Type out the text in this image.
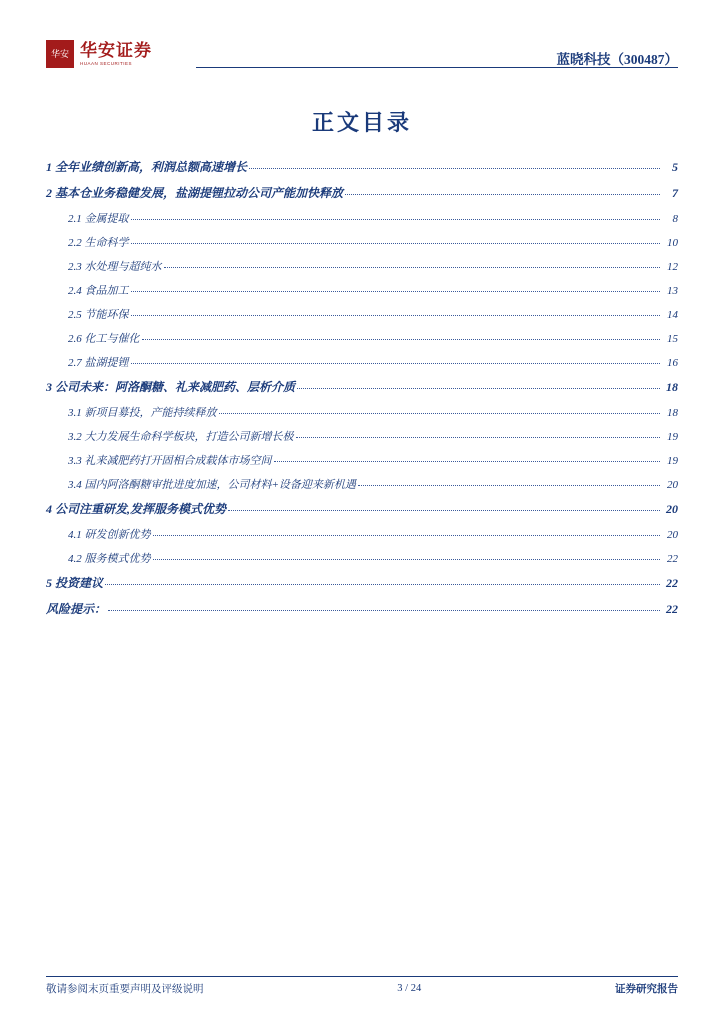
华安 华安证券
HUAAN SECURITIES	蓝晓科技（300487）
正文目录
1 全年业绩创新高，利润总额高速增长	5
2 基本仓业务稳健发展，盐湖提锂拉动公司产能加快释放	7
2.1 金属提取	8
2.2 生命科学	10
2.3 水处理与超纯水	12
2.4 食品加工	13
2.5 节能环保	14
2.6 化工与催化	15
2.7 盐湖提锂	16
3 公司未来：阿洛酮糖、礼来减肥药、层析介质	18
3.1 新项目募投，产能持续释放	18
3.2 大力发展生命科学板块，打造公司新增长极	19
3.3 礼来减肥药打开固相合成载体市场空间	19
3.4 国内阿洛酮糖审批进度加速，公司材料+设备迎来新机遇	20
4 公司注重研发,发挥服务模式优势	20
4.1 研发创新优势	20
4.2 服务模式优势	22
5 投资建议	22
风险提示：	22
敬请参阅末页重要声明及评级说明	3 / 24	证券研究报告
